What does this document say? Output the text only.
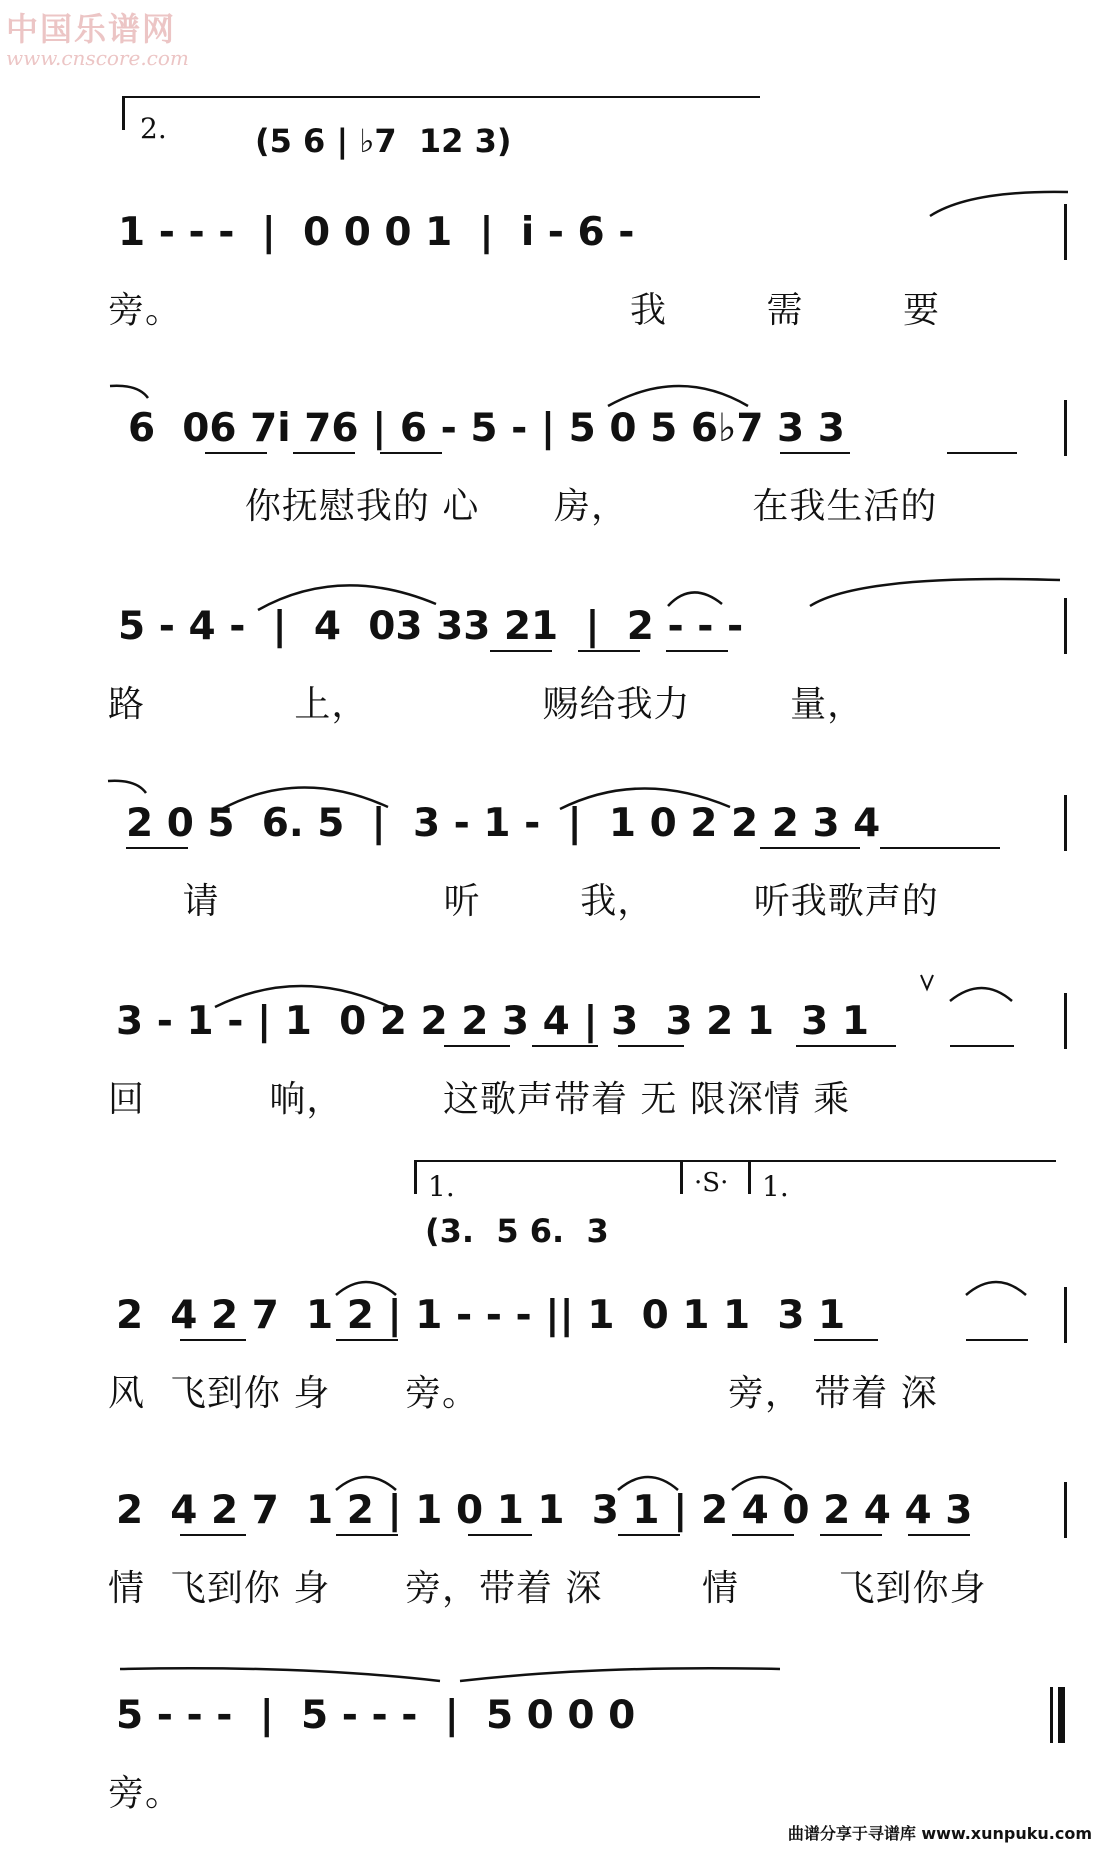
中国乐谱网
www.cnscore.com
2.	(5 6 | ♭7  12 3)
1 - - -  |  0 0 0 1  |  i - 6 -
旁。                                    我        需        要
6  06 7i 76 | 6 - 5 - | 5 0 5 6♭7 3 3
你抚慰我的 心      房，          在我生活的
5 - 4 -  |  4  03 33 21  |  2 - - -
路            上，              赐给我力        量，
2 0 5  6. 5  |  3 - 1 -  |  1 0 2 2 2 3 4
请                  听        我，        听我歌声的
3 - 1 - | 1  0 2 2 2 3 4 | 3  3 2 1  3 1
回          响，        这歌声带着 无 限深情 乘
1.	·S· 1.
(3.  5 6.  3
2  4 2 7  1 2 | 1 - - - || 1  0 1 1  3 1
风  飞到你 身      旁。                    旁， 带着 深
2  4 2 7  1 2 | 1 0 1 1  3 1 | 2 4 0 2 4 4 3
情  飞到你 身      旁，带着 深        情        飞到你身
5 - - -  |  5 - - -  |  5 0 0 0
旁。
曲谱分享于寻谱库 www.xunpuku.com
